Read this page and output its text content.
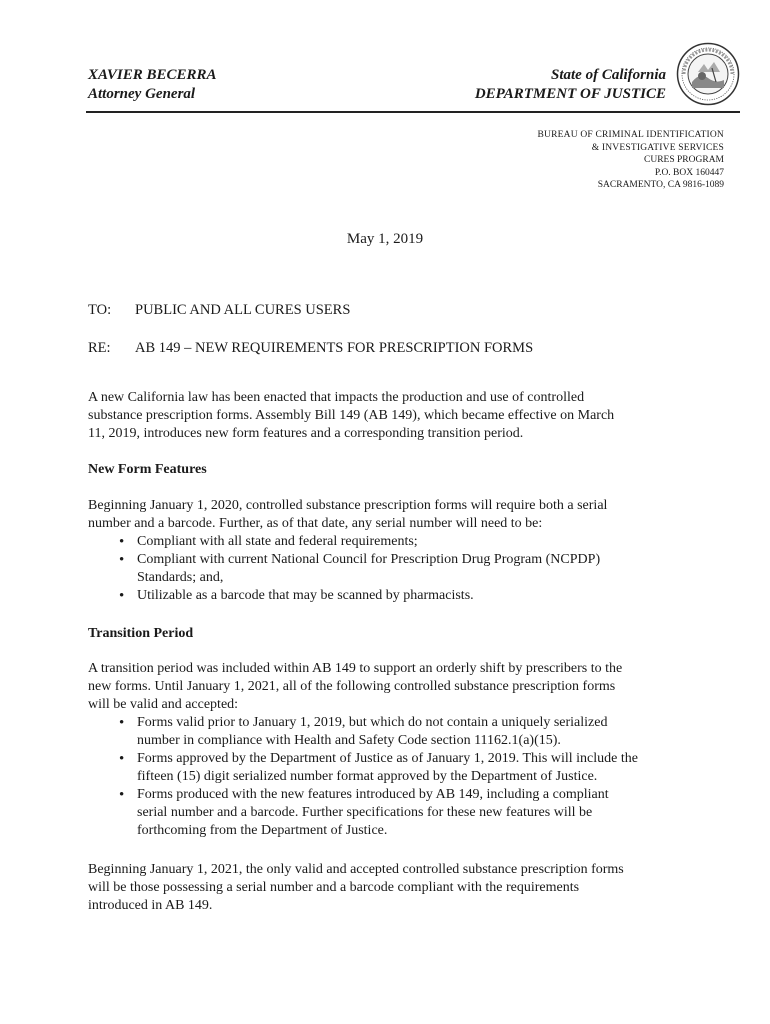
XAVIER BECERRA
Attorney General
State of California
DEPARTMENT OF JUSTICE
BUREAU OF CRIMINAL IDENTIFICATION
& INVESTIGATIVE SERVICES
CURES PROGRAM
P.O. BOX 160447
SACRAMENTO, CA 9816-1089
May 1, 2019
TO: PUBLIC AND ALL CURES USERS
RE: AB 149 – NEW REQUIREMENTS FOR PRESCRIPTION FORMS

A new California law has been enacted that impacts the production and use of controlled

substance prescription forms. Assembly Bill 149 (AB 149), which became effective on March

11, 2019, introduces new form features and a corresponding transition period.

New Form Features

Beginning January 1, 2020, controlled substance prescription forms will require both a serial

number and a barcode. Further, as of that date, any serial number will need to be:

• Compliant with all state and federal requirements;
• Compliant with current National Council for Prescription Drug Program (NCPDP)
Standards; and,
• Utilizable as a barcode that may be scanned by pharmacists.
Transition Period

A transition period was included within AB 149 to support an orderly shift by prescribers to the

new forms. Until January 1, 2021, all of the following controlled substance prescription forms

will be valid and accepted:

• Forms valid prior to January 1, 2019, but which do not contain a uniquely serialized
number in compliance with Health and Safety Code section 11162.1(a)(15).
• Forms approved by the Department of Justice as of January 1, 2019. This will include the
fifteen (15) digit serialized number format approved by the Department of Justice.
• Forms produced with the new features introduced by AB 149, including a compliant
serial number and a barcode. Further specifications for these new features will be
forthcoming from the Department of Justice.

Beginning January 1, 2021, the only valid and accepted controlled substance prescription forms

will be those possessing a serial number and a barcode compliant with the requirements

introduced in AB 149.
